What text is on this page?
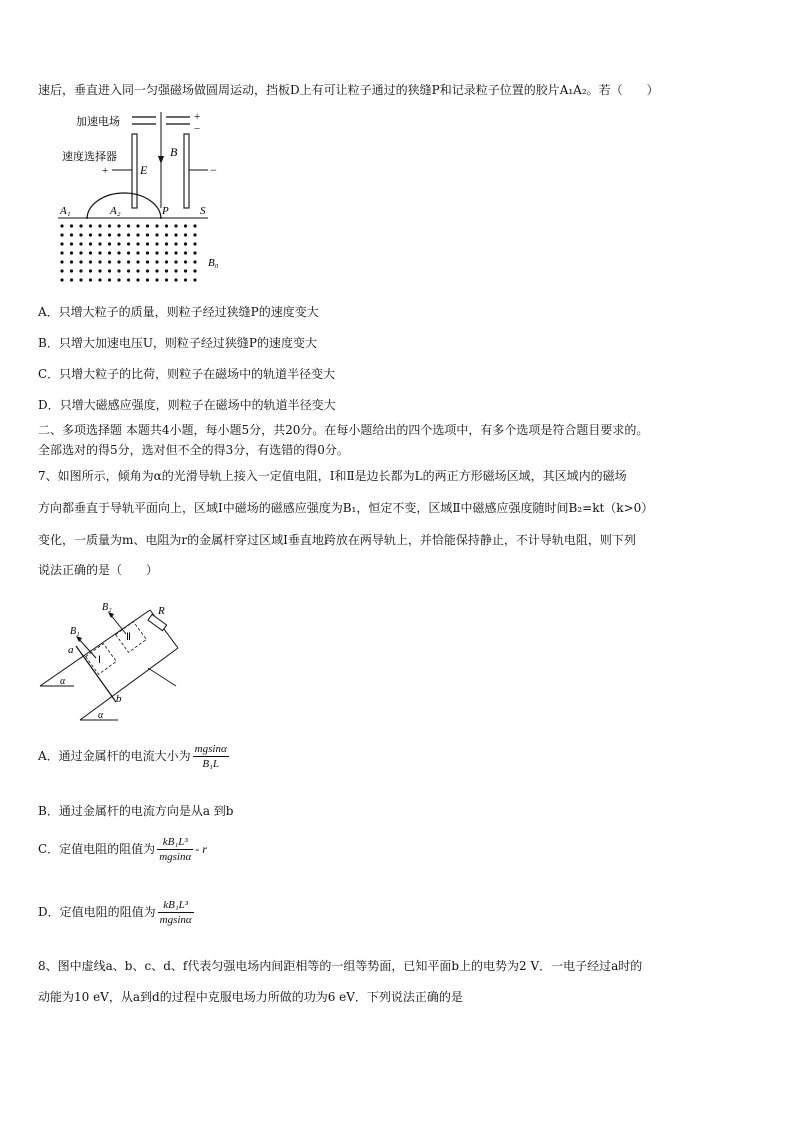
速后，垂直进入同一匀强磁场做圆周运动，挡板D上有可让粒子通过的狭缝P和记录粒子位置的胶片A₁A₂。若（　　）
加速电场	+
−
速度选择器
+	−
E
B
A₁	A₂	P	S
B₀
A．只增大粒子的质量，则粒子经过狭缝P的速度变大
B．只增大加速电压U，则粒子经过狭缝P的速度变大
C．只增大粒子的比荷，则粒子在磁场中的轨道半径变大
D．只增大磁感应强度，则粒子在磁场中的轨道半径变大
二、多项选择题 本题共4小题，每小题5分，共20分。在每小题给出的四个选项中，有多个选项是符合题目要求的。
全部选对的得5分，选对但不全的得3分，有选错的得0分。
7、如图所示，倾角为α的光滑导轨上接入一定值电阻，Ⅰ和Ⅱ是边长都为L的两正方形磁场区域，其区域内的磁场
方向都垂直于导轨平面向上，区域Ⅰ中磁场的磁感应强度为B₁，恒定不变，区域Ⅱ中磁感应强度随时间B₂=kt（k>0）
变化，一质量为m、电阻为r的金属杆穿过区域Ⅰ垂直地跨放在两导轨上，并恰能保持静止，不计导轨电阻，则下列
说法正确的是（　　）
R
α
α
Ⅰ
Ⅱ
a
b
B₁
B₂
A．通过金属杆的电流大小为 $\frac{mgsin\alpha}{\text{B₁L}}$
B．通过金属杆的电流方向是从a 到b
C．定值电阻的阻值为 $\frac{\text{kB₁L³}}{mgsin\alpha}$ - r
D．定值电阻的阻值为 $\frac{\text{kB₁L³}}{mgsin\alpha}$
8、图中虚线a、b、c、d、f代表匀强电场内间距相等的一组等势面，已知平面b上的电势为2 V．一电子经过a时的
动能为10 eV，从a到d的过程中克服电场力所做的功为6 eV．下列说法正确的是
